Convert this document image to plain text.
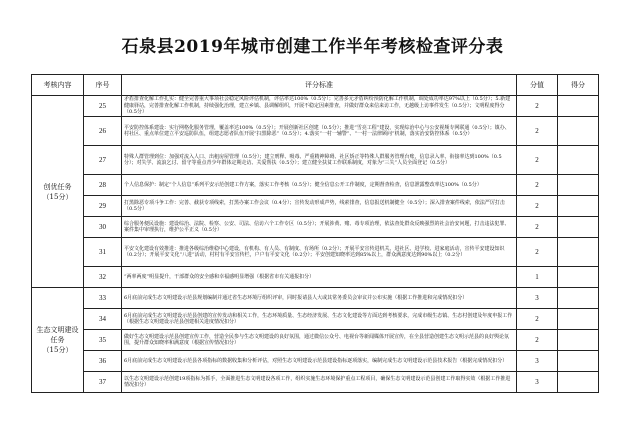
石泉县2019年城市创建工作半年考核检查评分表
考核内容	序号	评分标准	分值	得分
创优任务
（15分）	25	矛盾排查化解工作扎实：健全完善重大事项社会稳定风险评估机制，评估率达100%（0.5分）；完善多元矛盾纠纷预防化解工作机制，调处成功率达97%以上（0.5分）；5.新建健康驿站，完善排查化解工作机制，持续强化治理，建立乡镇、县调解组织，开展不稳定因素排查，并做好群众来信来访工作，无越级上访事件发生（0.5分）；文明程度得分（0.5分）	2	
	26	平安防控体系建设：实行网格化服务管理，覆盖率达100%（0.5分）；开展创新社区创建（0.5分）；推进“雪亮工程”建设，实现综治中心与公安视频专网联通（0.5分）；镇办、村社区、重点单位建立平安巡防队伍，组建志愿者队伍开展“扫黑除恶”（0.5分）；4.落实“一村一辅警”、“一村一法律顾问”机制，落实治安防控体系（0.5分）	2	
	27	特殊人群管理到位：加强对流入人口、出租房屋管理（0.5分）；建立刑释、吸毒、严重精神障碍、社区矫正等特殊人群服务管理台账，信息录入率、衔接率达到100%（0.5分）；对失学、流浪乞讨、留守等重点青少年群体定期走访、关爱帮扶（0.5分）；建立健全扶贫工作联系制度，对象为“三失”人员全面登记（0.5分）	2	
	28	个人信息保护：制定“个人信息”系列平安示范创建工作方案，落实工作考核（0.5分）；健全信息公开工作制度，定期督查检查，信息泄露整改率达100%（0.5分）	2	
	29	打黑除恶专项斗争工作：完善、截获专项线索，打黑办案工作会议（0.4分）；宣传发动形成声势，线索排查，信息报送机制健全（0.5分）；深入排查案件线索，依法严厉打击（0.5分）	2	
	30	综合服务便民设施：建设综治、法院、检察、公安、司法、信访六个工作专区（0.5分）；开展涉黄、赌、毒专项治理，依法查处群众反映强烈的社会治安问题，打击违法犯罪、案件集中审理执行，维护公平正义（0.5分）	2	
	31	平安文化建设有效推进：推进各级综治维稳中心建设，有机构、有人员、有制度、有场所（0.2分）；开展平安宣传进机关、进社区、进学校、进家庭活动，宣传平安建设知识（0.2分）；开展平安文化“八进”活动，村村有平安宣传栏，户户有平安文化（0.2分）；平安创建知晓率达到85%以上，群众满意度达到90%以上（0.2分）	2	
	32	“两率两度”明显提升，干部群众的安全感和幸福感明显增强（根据省市有关通报扣分）	1	
生态文明建设任务
（15分）	33	6月底前完成生态文明建设示范县规划编制并通过省生态环境厅组织评审，同时报请县人大或其常务委员会审议并公布实施（根据工作推进和完成情况扣分）	3	
	34	6月底前完成生态文明建设示范县创建的宣传发动和相关工作，生态环境质量、生态经济发展、生态文化建设等方面达到考核要求，完成市级生态镇、生态村创建及年度申报工作（根据生态文明建设示范县创建相关进度情况扣分）	2	
	35	做好生态文明建设示范县创建宣传工作，营造全民参与生态文明建设的良好氛围，通过微信公众号、电视台等新闻媒体开展宣传，在全县营造创建生态文明示范县的良好舆论氛围，提升群众知晓率和满意度（根据宣传情况扣分）	2	
	36	6月底前完成生态文明建设示范县各项指标的数据收集和分析评估，对照生态文明建设示范县建设指标逐项落实，编制完成生态文明建设示范县技术报告（根据完成情况扣分）	3	
	37	以生态文明建设示范创建19项指标为抓手，全面推进生态文明建设各项工作，组织实施生态环境保护重点工程项目，确保生态文明建设示范县创建工作取得实效（根据工作推进情况扣分）	3	
